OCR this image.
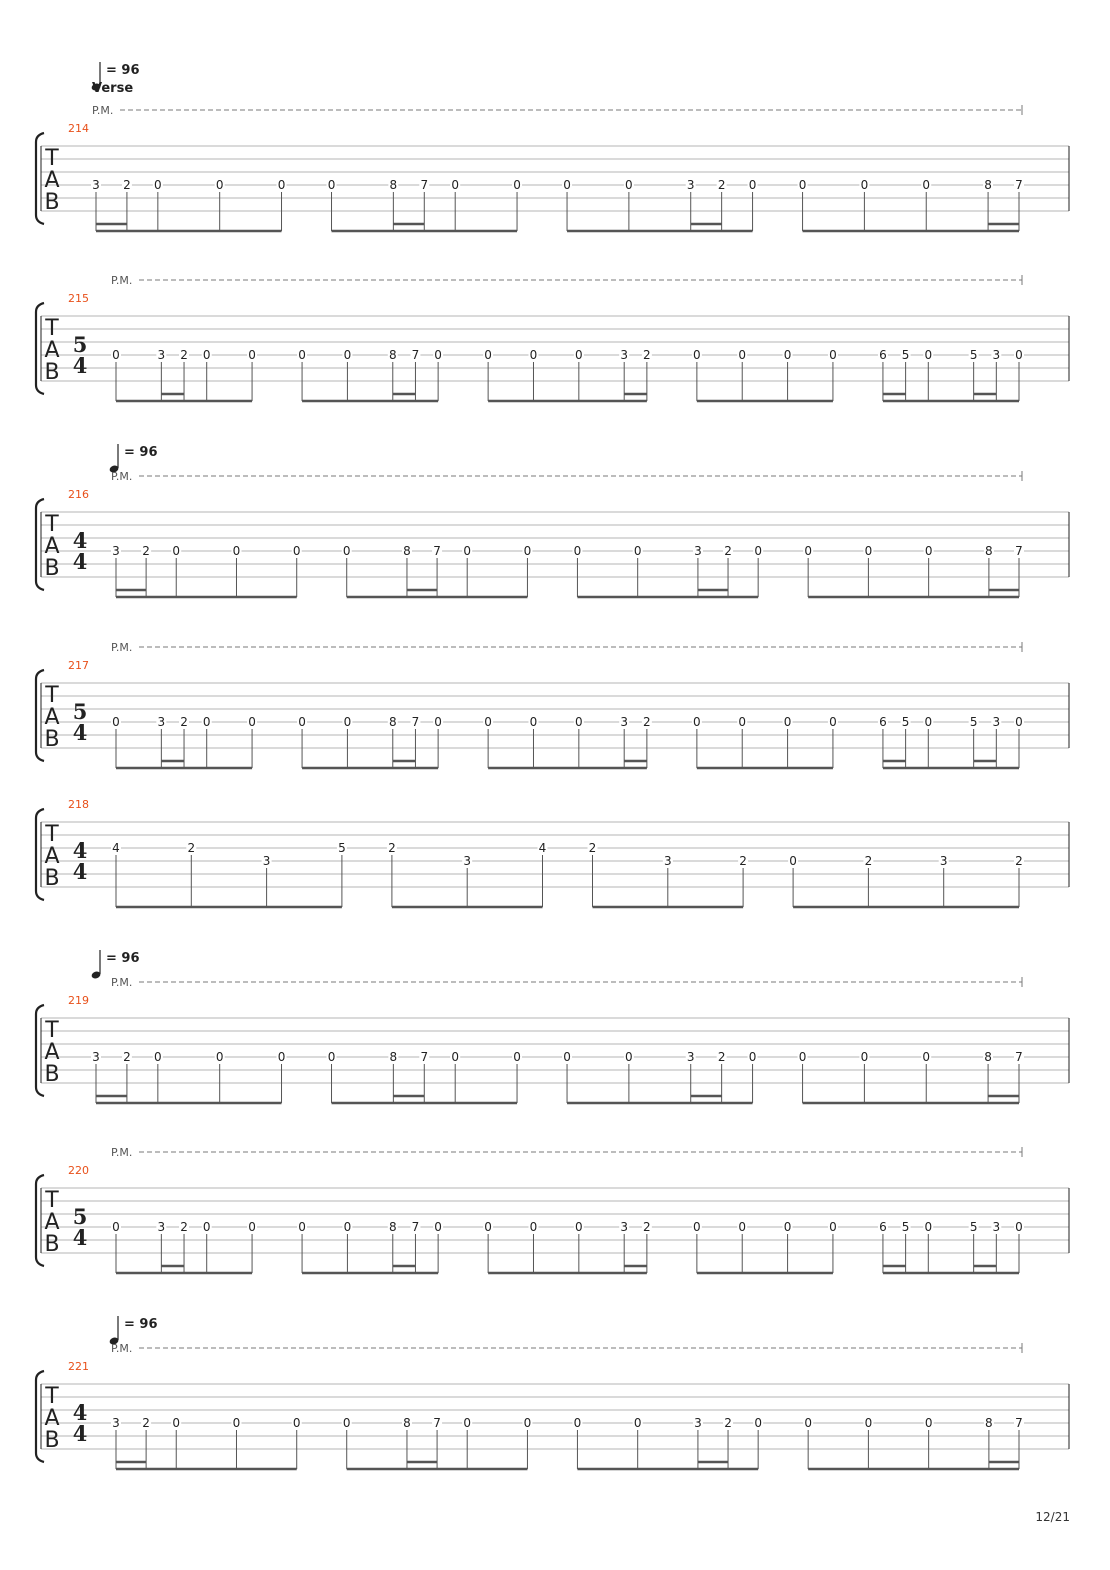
214
T
A
B
= 96
Verse
P.M.
3 2 0	0	0	0	8 7 0	0	0	0	3 2 0	0	0	0	8 7
215
T
A
B
5
4
P.M.
0	3 2 0	0	0	0	8 7 0	0	0	0	3 2	0	0	0	0	6 5 0	5 3 0
216
T
A
B
4
4
= 96
P.M.
3 2 0	0	0	0	8 7 0	0	0	0	3 2 0	0	0	0	8 7
217
T
A
B
5
4
P.M.
0	3 2 0	0	0	0	8 7 0	0	0	0	3 2	0	0	0	0	6 5 0	5 3 0
218
T
A
B
4
4
4	2
3
5	2
3
4	2
3	2	0	2	3	2
219
T
A
B
= 96
P.M.
3 2 0	0	0	0	8 7 0	0	0	0	3 2 0	0	0	0	8 7
220
T
A
B
5
4
P.M.
0	3 2 0	0	0	0	8 7 0	0	0	0	3 2	0	0	0	0	6 5 0	5 3 0
221
T
A
B
4
4
= 96
P.M.
3 2 0	0	0	0	8 7 0	0	0	0	3 2 0	0	0	0	8 7
12/21
